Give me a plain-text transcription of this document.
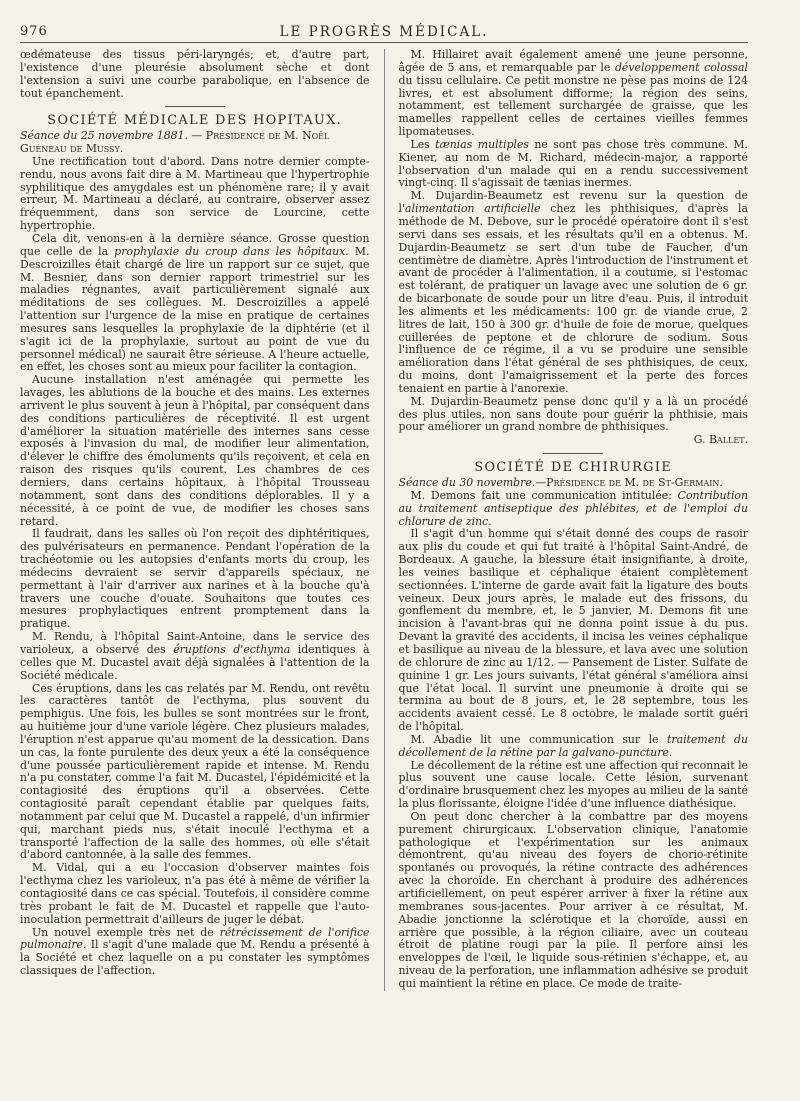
976	LE PROGRÈS MÉDICAL.

œdémateuse des tissus péri-laryngés; et, d'autre part, l'existence d'une pleurésie absolument sèche et dont l'extension a suivi une courbe parabolique, en l'absence de tout épanchement.

SOCIÉTÉ MÉDICALE DES HOPITAUX.

Séance du 25 novembre 1881. — Présidence de M. Noël Guéneau de Mussy.

Une rectification tout d'abord. Dans notre dernier compte-rendu, nous avons fait dire à M. Martineau que l'hypertrophie syphilitique des amygdales est un phénomène rare; il y avait erreur, M. Martineau a déclaré, au contraire, observer assez fréquemment, dans son service de Lourcine, cette hypertrophie.

Cela dit, venons-en à la dernière séance. Grosse question que celle de la prophylaxie du croup dans les hôpitaux. M. Descroizilles était chargé de lire un rapport sur ce sujet, que M. Besnier, dans son dernier rapport trimestriel sur les maladies régnantes, avait particulièrement signalé aux méditations de ses collègues. M. Descroizilles a appelé l'attention sur l'urgence de la mise en pratique de certaines mesures sans lesquelles la prophylaxie de la diphtérie (et il s'agit ici de la prophylaxie, surtout au point de vue du personnel médical) ne saurait être sérieuse. A l'heure actuelle, en effet, les choses sont au mieux pour faciliter la contagion.

Aucune installation n'est aménagée qui permette les lavages, les ablutions de la bouche et des mains. Les externes arrivent le plus souvent à jeun à l'hôpital, par conséquent dans des conditions particulières de réceptivité. Il est urgent d'améliorer la situation matérielle des internes sans cesse exposés à l'invasion du mal, de modifier leur alimentation, d'élever le chiffre des émoluments qu'ils reçoivent, et cela en raison des risques qu'ils courent. Les chambres de ces derniers, dans certains hôpitaux, à l'hôpital Trousseau notamment, sont dans des conditions déplorables. Il y a nécessité, à ce point de vue, de modifier les choses sans retard.

Il faudrait, dans les salles où l'on reçoit des diphtéritiques, des pulvérisateurs en permanence. Pendant l'opération de la trachéotomie ou les autopsies d'enfants morts du croup, les médecins devraient se servir d'appareils spéciaux, ne permettant à l'air d'arriver aux narines et à la bouche qu'à travers une couche d'ouate. Souhaitons que toutes ces mesures prophylactiques entrent promptement dans la pratique.

M. Rendu, à l'hôpital Saint-Antoine, dans le service des varioleux, a observé des éruptions d'ecthyma identiques à celles que M. Ducastel avait déjà signalées à l'attention de la Société médicale.

Ces éruptions, dans les cas relatés par M. Rendu, ont revêtu les caractères tantôt de l'ecthyma, plus souvent du pemphigus. Une fois, les bulles se sont montrées sur le front, au huitième jour d'une variole légère. Chez plusieurs malades, l'éruption n'est apparue qu'au moment de la dessication. Dans un cas, la fonte purulente des deux yeux a été la conséquence d'une poussée particulièrement rapide et intense. M. Rendu n'a pu constater, comme l'a fait M. Ducastel, l'épidémicité et la contagiosité des éruptions qu'il a observées. Cette contagiosité paraît cependant établie par quelques faits, notamment par celui que M. Ducastel a rappelé, d'un infirmier qui, marchant pieds nus, s'était inoculé l'ecthyma et a transporté l'affection de la salle des hommes, où elle s'était d'abord cantonnée, à la salle des femmes.

M. Vidal, qui a eu l'occasion d'observer maintes fois l'ecthyma chez les varioleux, n'a pas été à même de vérifier la contagiosité dans ce cas spécial. Toutefois, il considère comme très probant le fait de M. Ducastel et rappelle que l'auto-inoculation permettrait d'ailleurs de juger le débat.

Un nouvel exemple très net de rétrécissement de l'orifice pulmonaire. Il s'agit d'une malade que M. Rendu a présenté à la Société et chez laquelle on a pu constater les symptômes classiques de l'affection.

M. Hillairet avait également amené une jeune personne, âgée de 5 ans, et remarquable par le développement colossal du tissu cellulaire. Ce petit monstre ne pèse pas moins de 124 livres, et est absolument difforme; la région des seins, notamment, est tellement surchargée de graisse, que les mamelles rappellent celles de certaines vieilles femmes lipomateuses.

Les tænias multiples ne sont pas chose très commune. M. Kiener, au nom de M. Richard, médecin-major, a rapporté l'observation d'un malade qui en a rendu successivement vingt-cinq. Il s'agissait de tænias inermes.

M. Dujardin-Beaumetz est revenu sur la question de l'alimentation artificielle chez les phthisiques, d'après la méthode de M. Debove, sur le procédé opératoire dont il s'est servi dans ses essais, et les résultats qu'il en a obtenus. M. Dujardin-Beaumetz se sert d'un tube de Faucher, d'un centimètre de diamètre. Après l'introduction de l'instrument et avant de procéder à l'alimentation, il a coutume, si l'estomac est tolérant, de pratiquer un lavage avec une solution de 6 gr. de bicarbonate de soude pour un litre d'eau. Puis, il introduit les aliments et les médicaments: 100 gr. de viande crue, 2 litres de lait, 150 à 300 gr. d'huile de foie de morue, quelques cuillerées de peptone et de chlorure de sodium. Sous l'influence de ce régime, il a vu se produire une sensible amélioration dans l'état général de ses phthisiques, de ceux, du moins, dont l'amaigrissement et la perte des forces tenaient en partie à l'anorexie.

M. Dujardin-Beaumetz pense donc qu'il y a là un procédé des plus utiles, non sans doute pour guérir la phthisie, mais pour améliorer un grand nombre de phthisiques.

G. Ballet.

SOCIÉTÉ DE CHIRURGIE

Séance du 30 novembre.—Présidence de M. de St-Germain.

M. Demons fait une communication intitulée: Contribution au traitement antiseptique des phlébites, et de l'emploi du chlorure de zinc.

Il s'agit d'un homme qui s'était donné des coups de rasoir aux plis du coude et qui fut traité à l'hôpital Saint-André, de Bordeaux. A gauche, la blessure était insignifiante, à droite, les veines basilique et céphalique étaient complètement sectionnées. L'interne de garde avait fait la ligature des bouts veineux. Deux jours après, le malade eut des frissons, du gonflement du membre, et, le 5 janvier, M. Demons fit une incision à l'avant-bras qui ne donna point issue à du pus. Devant la gravité des accidents, il incisa les veines céphalique et basilique au niveau de la blessure, et lava avec une solution de chlorure de zinc au 1/12. — Pansement de Lister. Sulfate de quinine 1 gr. Les jours suivants, l'état général s'améliora ainsi que l'état local. Il survint une pneumonie à droite qui se termina au bout de 8 jours, et, le 28 septembre, tous les accidents avaient cessé. Le 8 octobre, le malade sortit guéri de l'hôpital.

M. Abadie lit une communication sur le traitement du décollement de la rétine par la galvano-puncture.

Le décollement de la rétine est une affection qui reconnait le plus souvent une cause locale. Cette lésion, survenant d'ordinaire brusquement chez les myopes au milieu de la santé la plus florissante, éloigne l'idée d'une influence diathésique.

On peut donc chercher à la combattre par des moyens purement chirurgicaux. L'observation clinique, l'anatomie pathologique et l'expérimentation sur les animaux démontrent, qu'au niveau des foyers de chorio-rétinite spontanés ou provoqués, la rétine contracte des adhérences avec la choroïde. En cherchant à produire des adhérences artificiellement, on peut espérer arriver à fixer la rétine aux membranes sous-jacentes. Pour arriver à ce résultat, M. Abadie jonctionne la sclérotique et la choroïde, aussi en arrière que possible, à la région ciliaire, avec un couteau étroit de platine rougi par la pile. Il perfore ainsi les enveloppes de l'œil, le liquide sous-rétinien s'échappe, et, au niveau de la perforation, une inflammation adhésive se produit qui maintient la rétine en place. Ce mode de traite-
